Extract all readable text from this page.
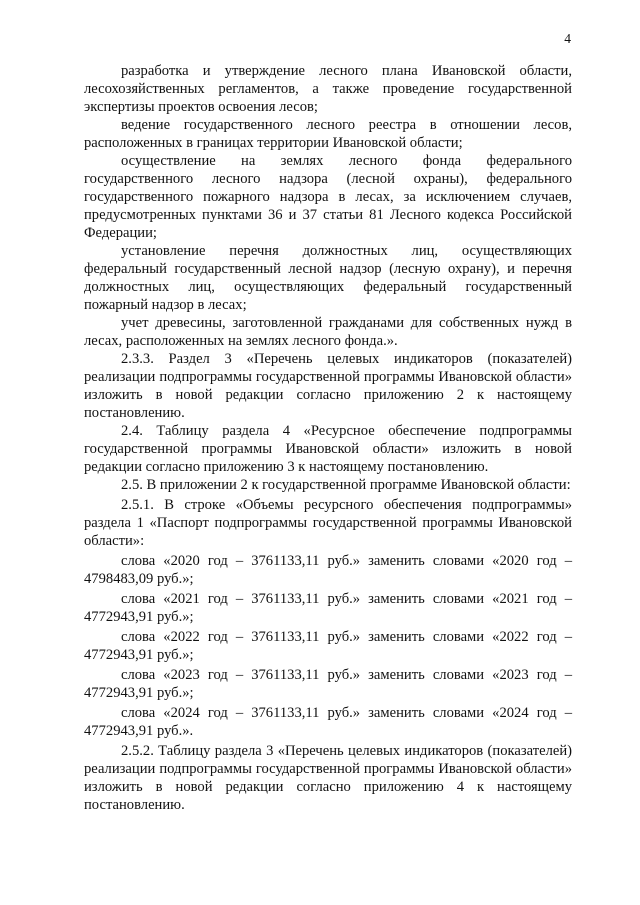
4

разработка и утверждение лесного плана Ивановской области, лесохозяйственных регламентов, а также проведение государственной экспертизы проектов освоения лесов;

ведение государственного лесного реестра в отношении лесов, расположенных в границах территории Ивановской области;

осуществление на землях лесного фонда федерального государственного лесного надзора (лесной охраны), федерального государственного пожарного надзора в лесах, за исключением случаев, предусмотренных пунктами 36 и 37 статьи 81 Лесного кодекса Российской Федерации;

установление перечня должностных лиц, осуществляющих федеральный государственный лесной надзор (лесную охрану), и перечня должностных лиц, осуществляющих федеральный государственный пожарный надзор в лесах;

учет древесины, заготовленной гражданами для собственных нужд в лесах, расположенных на землях лесного фонда.».

2.3.3. Раздел 3 «Перечень целевых индикаторов (показателей) реализации подпрограммы государственной программы Ивановской области» изложить в новой редакции согласно приложению 2 к настоящему постановлению.

2.4. Таблицу раздела 4 «Ресурсное обеспечение подпрограммы государственной программы Ивановской области» изложить в новой редакции согласно приложению 3 к настоящему постановлению.

2.5. В приложении 2 к государственной программе Ивановской области:

2.5.1. В строке «Объемы ресурсного обеспечения подпрограммы» раздела 1 «Паспорт подпрограммы государственной программы Ивановской области»:

слова «2020 год – 3761133,11 руб.» заменить словами «2020 год – 4798483,09 руб.»;

слова «2021 год – 3761133,11 руб.» заменить словами «2021 год – 4772943,91 руб.»;

слова «2022 год – 3761133,11 руб.» заменить словами «2022 год – 4772943,91 руб.»;

слова «2023 год – 3761133,11 руб.» заменить словами «2023 год – 4772943,91 руб.»;

слова «2024 год – 3761133,11 руб.» заменить словами «2024 год – 4772943,91 руб.».

2.5.2. Таблицу раздела 3 «Перечень целевых индикаторов (показателей) реализации подпрограммы государственной программы Ивановской области» изложить в новой редакции согласно приложению 4 к настоящему постановлению.
